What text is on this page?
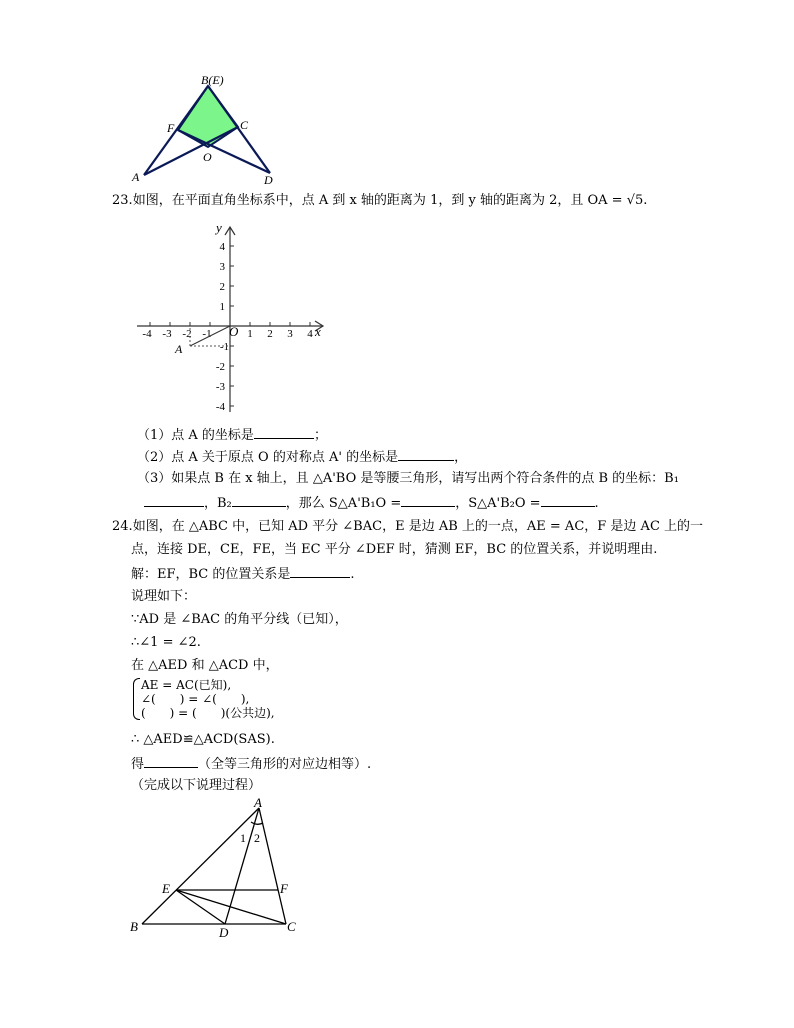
B(E)
F	C
O
A	D
23.如图，在平面直角坐标系中，点 A 到 x 轴的距离为 1，到 y 轴的距离为 2，且 OA = √5.
y
x
O
4
3
2
1
-1
-2
-3
-4
-4 -3 -2 -1	1 2 3 4
A
（1）点 A 的坐标是	；
（2）点 A 关于原点 O 的对称点 A' 的坐标是	，
（3）如果点 B 在 x 轴上，且 △A'BO 是等腰三角形，请写出两个符合条件的点 B 的坐标：B₁
，B₂	，那么 S△A'B₁O =	，S△A'B₂O =	.
24.如图，在 △ABC 中，已知 AD 平分 ∠BAC，E 是边 AB 上的一点，AE = AC，F 是边 AC 上的一
点，连接 DE，CE，FE，当 EC 平分 ∠DEF 时，猜测 EF，BC 的位置关系，并说明理由.
解：EF，BC 的位置关系是	.
说理如下：
∵AD 是 ∠BAC 的角平分线（已知），
∴∠1 = ∠2.
在 △AED 和 △ACD 中，
AE = AC(已知),
∠(　　) = ∠(　　),
(　　) = (　　)(公共边),
∴ △AED≌△ACD(SAS).
得	（全等三角形的对应边相等）.
（完成以下说理过程）
A
1 2
E	F
B	D	C
